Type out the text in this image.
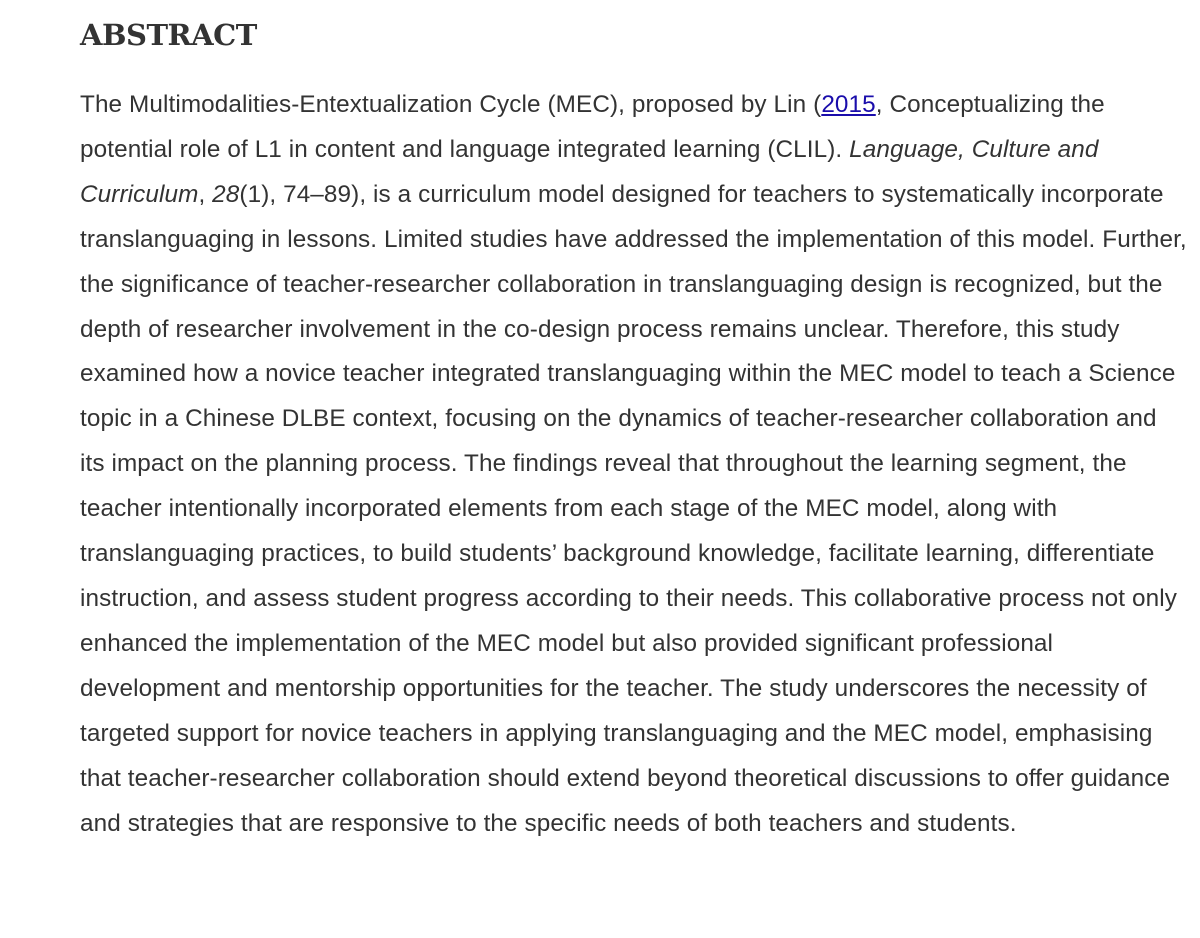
ABSTRACT

The Multimodalities-Entextualization Cycle (MEC), proposed by Lin (2015, Conceptualizing the potential role of L1 in content and language integrated learning (CLIL). Language, Culture and Curriculum, 28(1), 74–89), is a curriculum model designed for teachers to systematically incorporate translanguaging in lessons. Limited studies have addressed the implementation of this model. Further, the significance of teacher-researcher collaboration in translanguaging design is recognized, but the depth of researcher involvement in the co-design process remains unclear. Therefore, this study examined how a novice teacher integrated translanguaging within the MEC model to teach a Science topic in a Chinese DLBE context, focusing on the dynamics of teacher-researcher collaboration and its impact on the planning process. The findings reveal that throughout the learning segment, the teacher intentionally incorporated elements from each stage of the MEC model, along with translanguaging practices, to build students’ background knowledge, facilitate learning, differentiate instruction, and assess student progress according to their needs. This collaborative process not only enhanced the implementation of the MEC model but also provided significant professional development and mentorship opportunities for the teacher. The study underscores the necessity of targeted support for novice teachers in applying translanguaging and the MEC model, emphasising that teacher-researcher collaboration should extend beyond theoretical discussions to offer guidance and strategies that are responsive to the specific needs of both teachers and students.
